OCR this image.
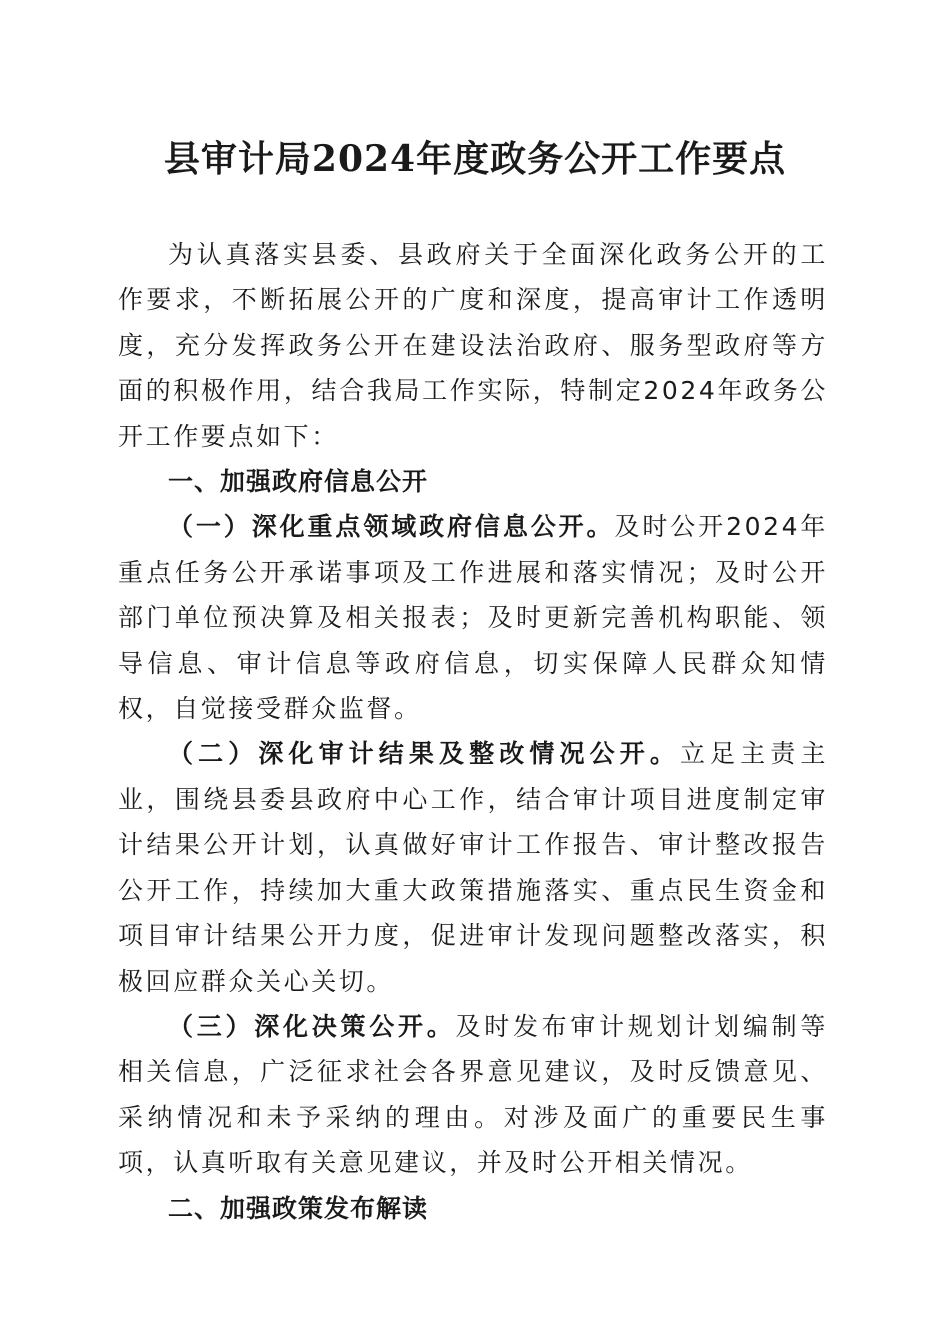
县审计局2024年度政务公开工作要点

为认真落实县委、县政府关于全面深化政务公开的工作要求，不断拓展公开的广度和深度，提高审计工作透明度，充分发挥政务公开在建设法治政府、服务型政府等方面的积极作用，结合我局工作实际，特制定2024年政务公开工作要点如下：

一、加强政府信息公开

（一）深化重点领域政府信息公开。及时公开2024年重点任务公开承诺事项及工作进展和落实情况；及时公开部门单位预决算及相关报表；及时更新完善机构职能、领导信息、审计信息等政府信息，切实保障人民群众知情权，自觉接受群众监督。

（二）深化审计结果及整改情况公开。立足主责主业，围绕县委县政府中心工作，结合审计项目进度制定审计结果公开计划，认真做好审计工作报告、审计整改报告公开工作，持续加大重大政策措施落实、重点民生资金和项目审计结果公开力度，促进审计发现问题整改落实，积极回应群众关心关切。

（三）深化决策公开。及时发布审计规划计划编制等相关信息，广泛征求社会各界意见建议，及时反馈意见、采纳情况和未予采纳的理由。对涉及面广的重要民生事项，认真听取有关意见建议，并及时公开相关情况。

二、加强政策发布解读
